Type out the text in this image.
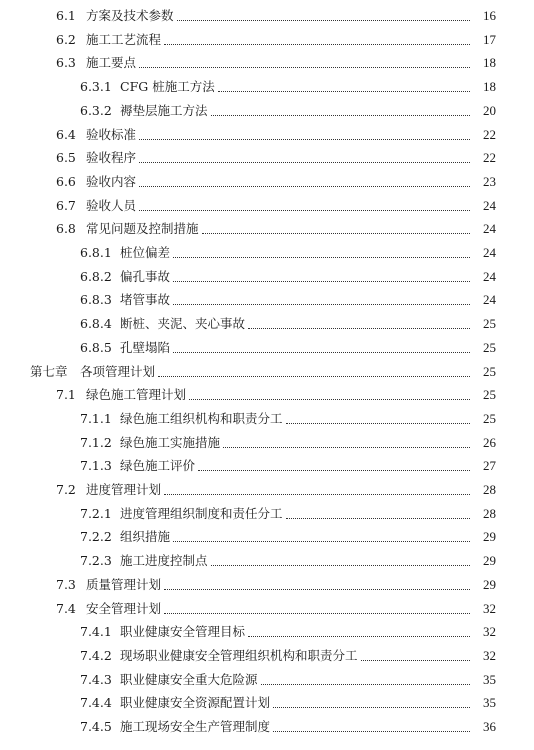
6.1 方案及技术参数	16
6.2 施工工艺流程	17
6.3 施工要点	18
6.3.1 CFG 桩施工方法	18
6.3.2 褥垫层施工方法	20
6.4 验收标准	22
6.5 验收程序	22
6.6 验收内容	23
6.7 验收人员	24
6.8 常见问题及控制措施	24
6.8.1 桩位偏差	24
6.8.2 偏孔事故	24
6.8.3 堵管事故	24
6.8.4 断桩、夹泥、夹心事故	25
6.8.5 孔壁塌陷	25
第七章 各项管理计划	25
7.1 绿色施工管理计划	25
7.1.1 绿色施工组织机构和职责分工	25
7.1.2 绿色施工实施措施	26
7.1.3 绿色施工评价	27
7.2 进度管理计划	28
7.2.1 进度管理组织制度和责任分工	28
7.2.2 组织措施	29
7.2.3 施工进度控制点	29
7.3 质量管理计划	29
7.4 安全管理计划	32
7.4.1 职业健康安全管理目标	32
7.4.2 现场职业健康安全管理组织机构和职责分工	32
7.4.3 职业健康安全重大危险源	35
7.4.4 职业健康安全资源配置计划	35
7.4.5 施工现场安全生产管理制度	36
